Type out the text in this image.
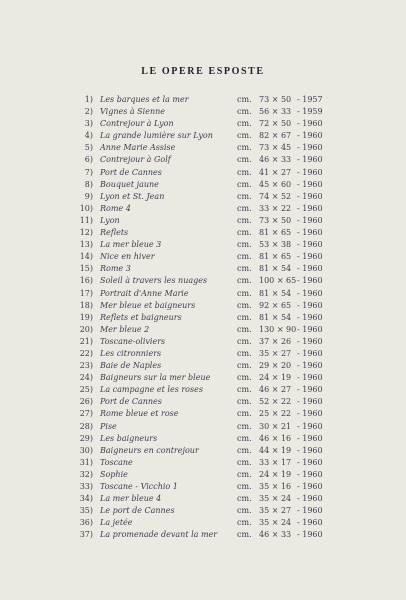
LE OPERE ESPOSTE
1) Les barques et la mer	cm. 73 × 50 - 1957
2) Vignes à Sienne	cm. 56 × 33 - 1959
3) Contrejour à Lyon	cm. 72 × 50 - 1960
4) La grande lumière sur Lyon	cm. 82 × 67 - 1960
5) Anne Marie Assise	cm. 73 × 45 - 1960
6) Contrejour à Golf	cm. 46 × 33 - 1960
7) Port de Cannes	cm. 41 × 27 - 1960
8) Bouquet jaune	cm. 45 × 60 - 1960
9) Lyon et St. Jean	cm. 74 × 52 - 1960
10) Rome 4	cm. 33 × 22 - 1960
11) Lyon	cm. 73 × 50 - 1960
12) Reflets	cm. 81 × 65 - 1960
13) La mer bleue 3	cm. 53 × 38 - 1960
14) Nice en hiver	cm. 81 × 65 - 1960
15) Rome 3	cm. 81 × 54 - 1960
16) Soleil à travers les nuages	cm. 100 × 65 - 1960
17) Portrait d'Anne Marie	cm. 81 × 54 - 1960
18) Mer bleue et baigneurs	cm. 92 × 65 - 1960
19) Reflets et baigneurs	cm. 81 × 54 - 1960
20) Mer bleue 2	cm. 130 × 90 - 1960
21) Toscane-oliviers	cm. 37 × 26 - 1960
22) Les citronniers	cm. 35 × 27 - 1960
23) Baie de Naples	cm. 29 × 20 - 1960
24) Baigneurs sur la mer bleue	cm. 24 × 19 - 1960
25) La campagne et les roses	cm. 46 × 27 - 1960
26) Port de Cannes	cm. 52 × 22 - 1960
27) Rome bleue et rose	cm. 25 × 22 - 1960
28) Pise	cm. 30 × 21 - 1960
29) Les baigneurs	cm. 46 × 16 - 1960
30) Baigneurs en contrejour	cm. 44 × 19 - 1960
31) Toscane	cm. 33 × 17 - 1960
32) Sophie	cm. 24 × 19 - 1960
33) Toscane - Vicchio 1	cm. 35 × 16 - 1960
34) La mer bleue 4	cm. 35 × 24 - 1960
35) Le port de Cannes	cm. 35 × 27 - 1960
36) La jetée	cm. 35 × 24 - 1960
37) La promenade devant la mer cm. 46 × 33 - 1960
